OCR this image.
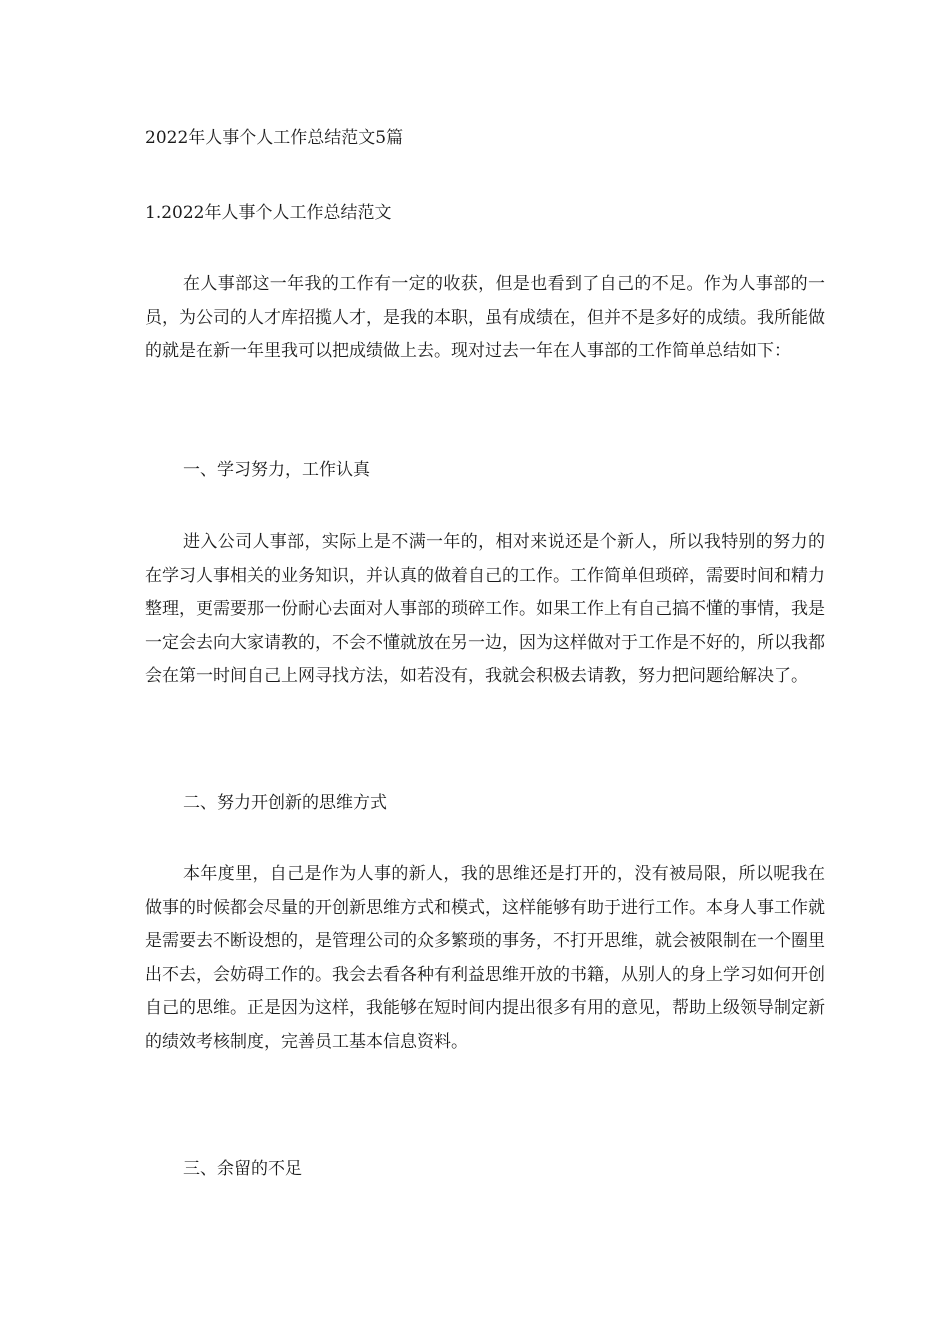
2022年人事个人工作总结范文5篇
1.2022年人事个人工作总结范文

在人事部这一年我的工作有一定的收获，但是也看到了自己的不足。作为人事部的一员，为公司的人才库招揽人才，是我的本职，虽有成绩在，但并不是多好的成绩。我所能做的就是在新一年里我可以把成绩做上去。现对过去一年在人事部的工作简单总结如下：

一、学习努力，工作认真

进入公司人事部，实际上是不满一年的，相对来说还是个新人，所以我特别的努力的在学习人事相关的业务知识，并认真的做着自己的工作。工作简单但琐碎，需要时间和精力整理，更需要那一份耐心去面对人事部的琐碎工作。如果工作上有自己搞不懂的事情，我是一定会去向大家请教的，不会不懂就放在另一边，因为这样做对于工作是不好的，所以我都会在第一时间自己上网寻找方法，如若没有，我就会积极去请教，努力把问题给解决了。

二、努力开创新的思维方式

本年度里，自己是作为人事的新人，我的思维还是打开的，没有被局限，所以呢我在做事的时候都会尽量的开创新思维方式和模式，这样能够有助于进行工作。本身人事工作就是需要去不断设想的，是管理公司的众多繁琐的事务，不打开思维，就会被限制在一个圈里出不去，会妨碍工作的。我会去看各种有利益思维开放的书籍，从别人的身上学习如何开创自己的思维。正是因为这样，我能够在短时间内提出很多有用的意见，帮助上级领导制定新的绩效考核制度，完善员工基本信息资料。

三、余留的不足
